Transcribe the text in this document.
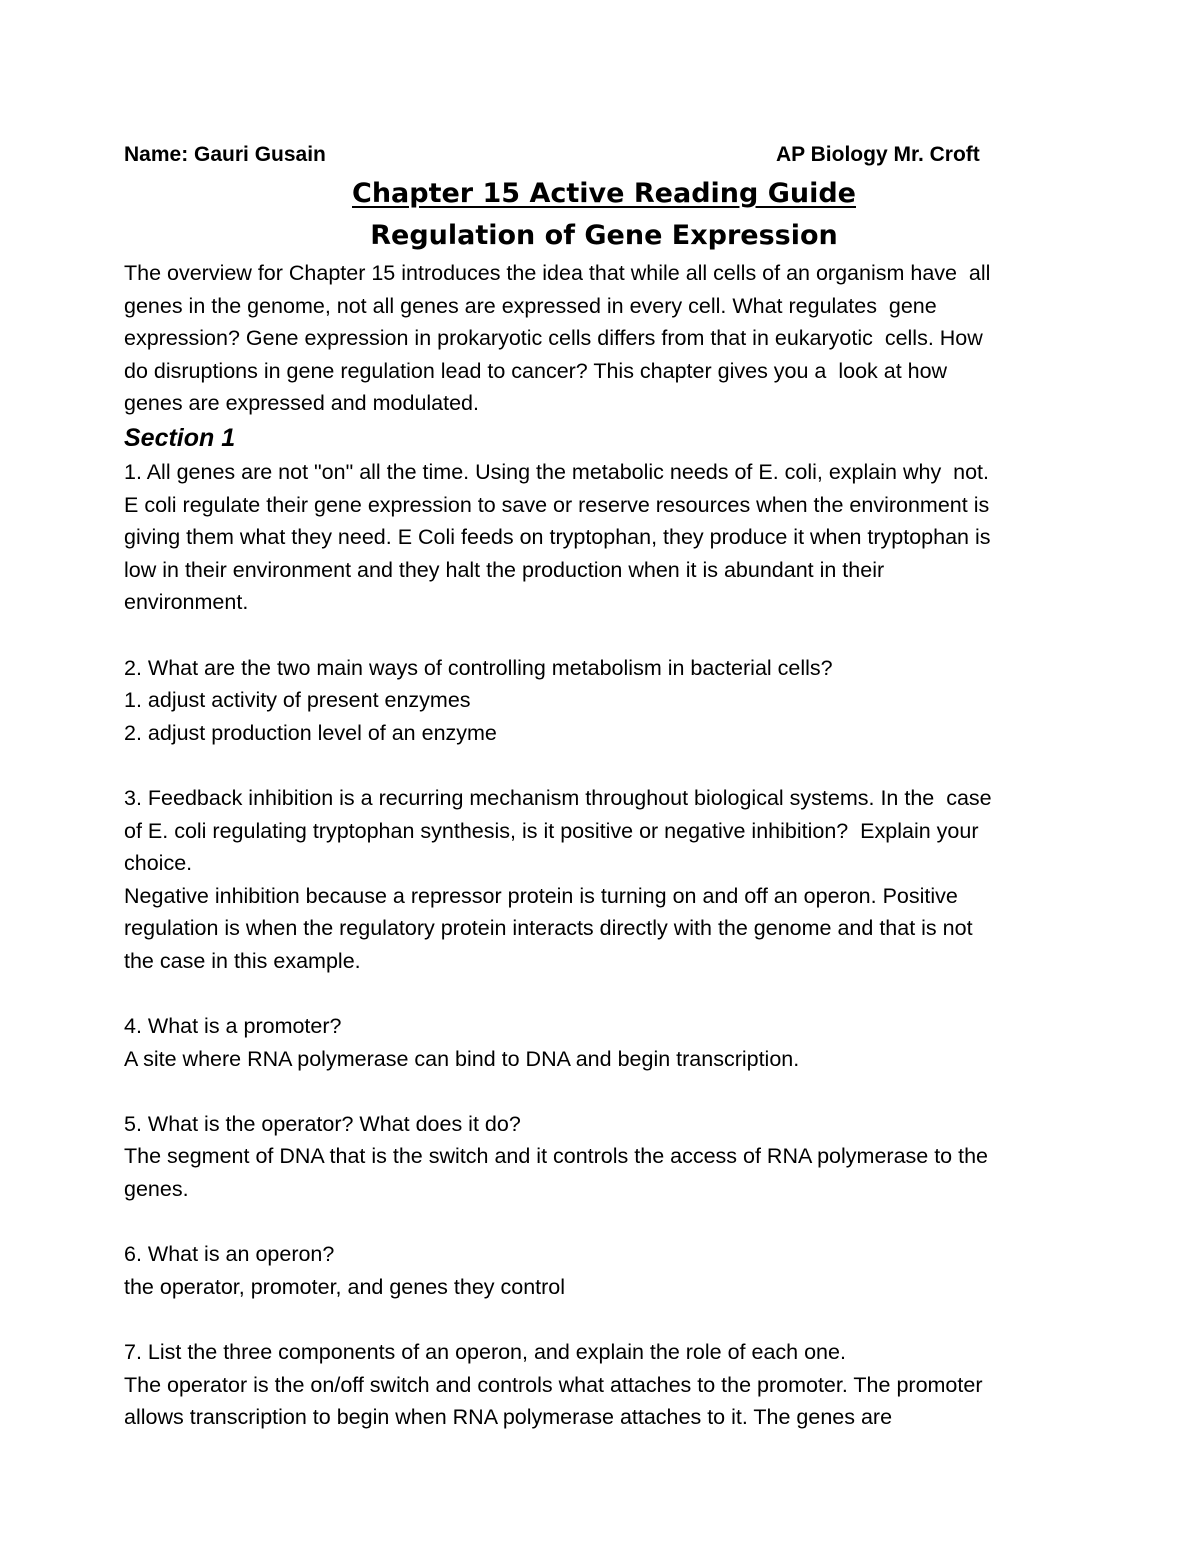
Name: Gauri Gusain	AP Biology Mr. Croft
Chapter 15 Active Reading Guide
Regulation of Gene Expression

The overview for Chapter 15 introduces the idea that while all cells of an organism have  all
genes in the genome, not all genes are expressed in every cell. What regulates  gene
expression? Gene expression in prokaryotic cells differs from that in eukaryotic  cells. How
do disruptions in gene regulation lead to cancer? This chapter gives you a  look at how
genes are expressed and modulated.

Section 1

1. All genes are not "on" all the time. Using the metabolic needs of E. coli, explain why  not.

E coli regulate their gene expression to save or reserve resources when the environment is
giving them what they need. E Coli feeds on tryptophan, they produce it when tryptophan is
low in their environment and they halt the production when it is abundant in their
environment.

2. What are the two main ways of controlling metabolism in bacterial cells?

1. adjust activity of present enzymes
2. adjust production level of an enzyme

3. Feedback inhibition is a recurring mechanism throughout biological systems. In the  case
of E. coli regulating tryptophan synthesis, is it positive or negative inhibition?  Explain your
choice.

Negative inhibition because a repressor protein is turning on and off an operon. Positive
regulation is when the regulatory protein interacts directly with the genome and that is not
the case in this example.

4. What is a promoter?

A site where RNA polymerase can bind to DNA and begin transcription.

5. What is the operator? What does it do?

The segment of DNA that is the switch and it controls the access of RNA polymerase to the
genes.

6. What is an operon?

the operator, promoter, and genes they control

7. List the three components of an operon, and explain the role of each one.

The operator is the on/off switch and controls what attaches to the promoter. The promoter
allows transcription to begin when RNA polymerase attaches to it. The genes are
